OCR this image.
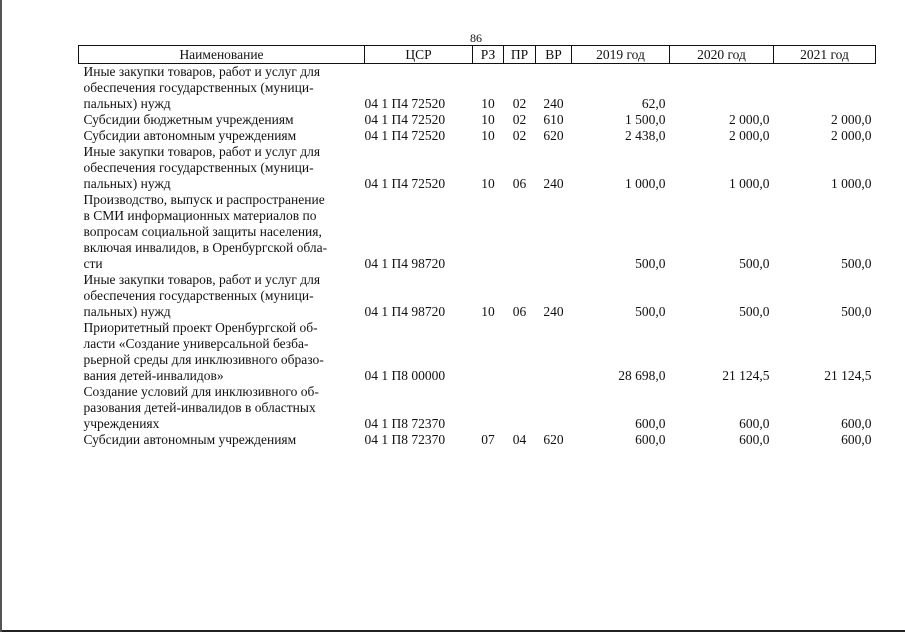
86
Наименование	ЦСР	РЗ	ПР	ВР	2019 год	2020 год	2021 год
Иные закупки товаров, работ и услуг для
обеспечения государственных (муници-
пальных) нужд	04 1 П4 72520	10	02	240	62,0		
Субсидии бюджетным учреждениям	04 1 П4 72520	10	02	610	1 500,0	2 000,0	2 000,0
Субсидии автономным учреждениям	04 1 П4 72520	10	02	620	2 438,0	2 000,0	2 000,0
Иные закупки товаров, работ и услуг для
обеспечения государственных (муници-
пальных) нужд	04 1 П4 72520	10	06	240	1 000,0	1 000,0	1 000,0
Производство, выпуск и распространение
в СМИ информационных материалов по
вопросам социальной защиты населения,
включая инвалидов, в Оренбургской обла-
сти	04 1 П4 98720				500,0	500,0	500,0
Иные закупки товаров, работ и услуг для
обеспечения государственных (муници-
пальных) нужд	04 1 П4 98720	10	06	240	500,0	500,0	500,0
Приоритетный проект Оренбургской об-
ласти «Создание универсальной безба-
рьерной среды для инклюзивного образо-
вания детей-инвалидов»	04 1 П8 00000				28 698,0	21 124,5	21 124,5
Создание условий для инклюзивного об-
разования детей-инвалидов в областных
учреждениях	04 1 П8 72370				600,0	600,0	600,0
Субсидии автономным учреждениям	04 1 П8 72370	07	04	620	600,0	600,0	600,0
